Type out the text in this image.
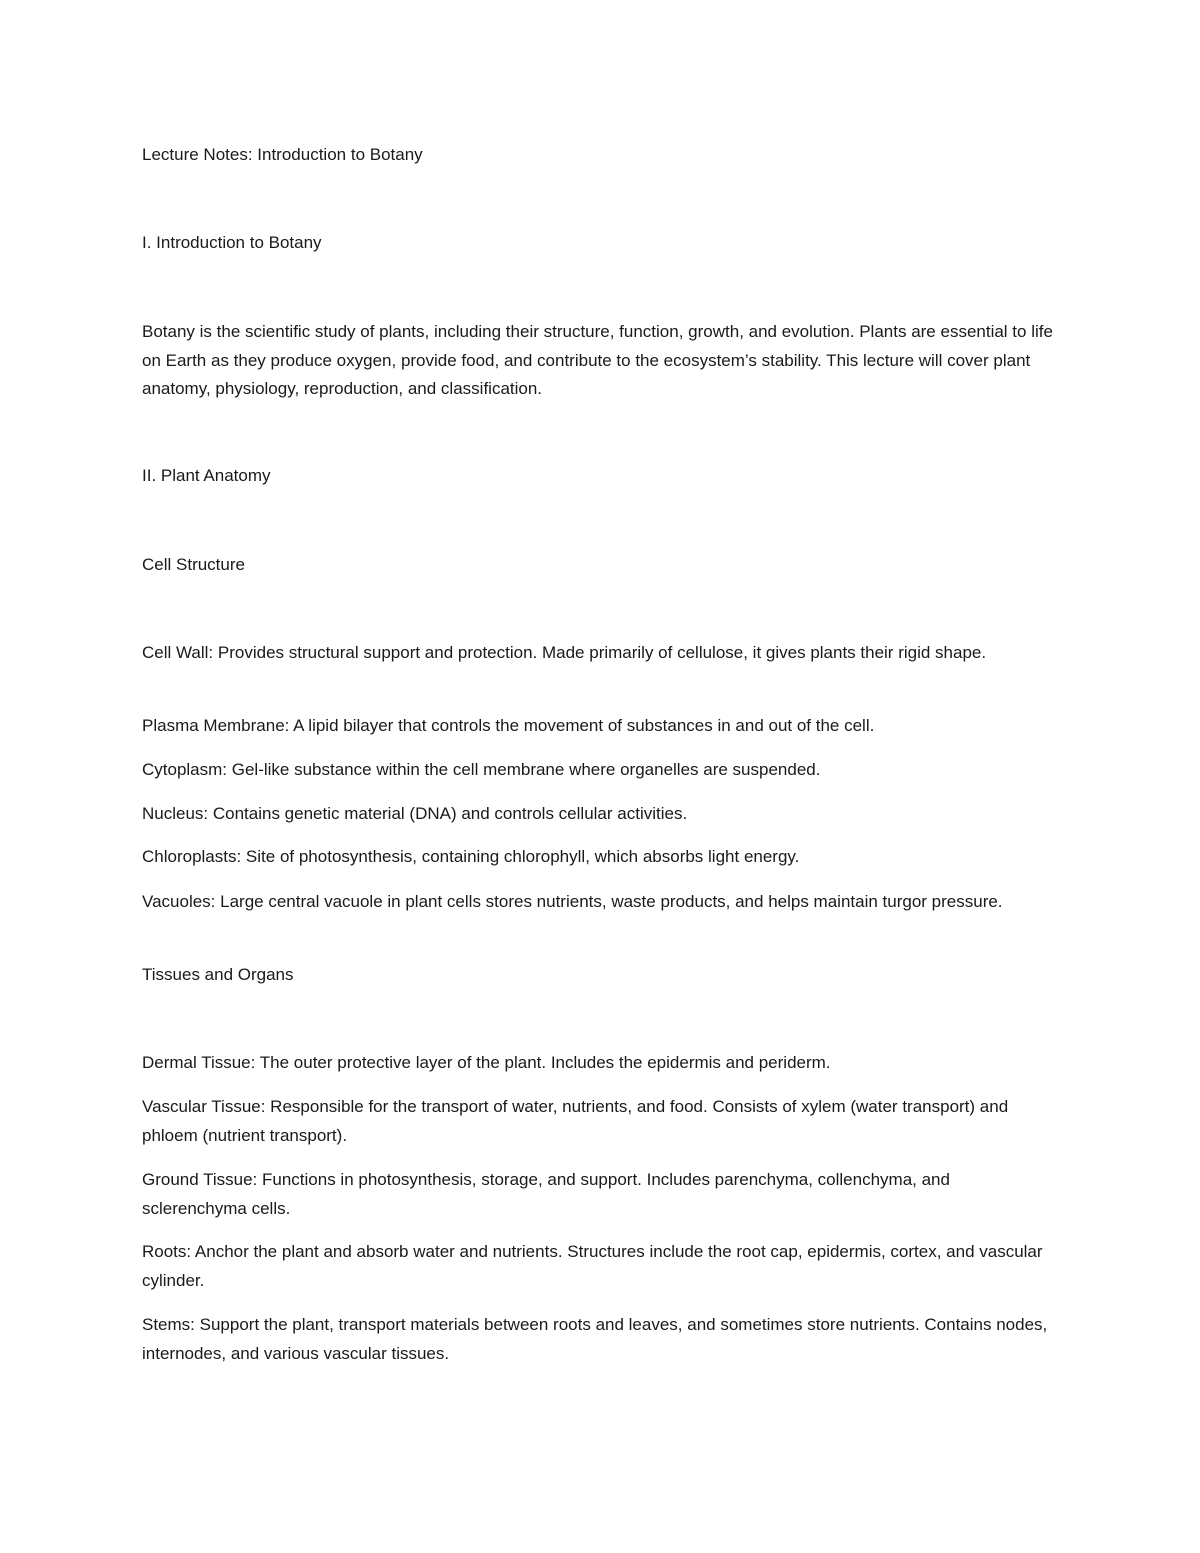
Lecture Notes: Introduction to Botany

I. Introduction to Botany

Botany is the scientific study of plants, including their structure, function, growth, and evolution. Plants are essential to life on Earth as they produce oxygen, provide food, and contribute to the ecosystem’s stability. This lecture will cover plant anatomy, physiology, reproduction, and classification.

II. Plant Anatomy

Cell Structure

Cell Wall: Provides structural support and protection. Made primarily of cellulose, it gives plants their rigid shape.

Plasma Membrane: A lipid bilayer that controls the movement of substances in and out of the cell.

Cytoplasm: Gel-like substance within the cell membrane where organelles are suspended.

Nucleus: Contains genetic material (DNA) and controls cellular activities.

Chloroplasts: Site of photosynthesis, containing chlorophyll, which absorbs light energy.

Vacuoles: Large central vacuole in plant cells stores nutrients, waste products, and helps maintain turgor pressure.

Tissues and Organs

Dermal Tissue: The outer protective layer of the plant. Includes the epidermis and periderm.

Vascular Tissue: Responsible for the transport of water, nutrients, and food. Consists of xylem (water transport) and phloem (nutrient transport).

Ground Tissue: Functions in photosynthesis, storage, and support. Includes parenchyma, collenchyma, and sclerenchyma cells.

Roots: Anchor the plant and absorb water and nutrients. Structures include the root cap, epidermis, cortex, and vascular cylinder.

Stems: Support the plant, transport materials between roots and leaves, and sometimes store nutrients. Contains nodes, internodes, and various vascular tissues.
